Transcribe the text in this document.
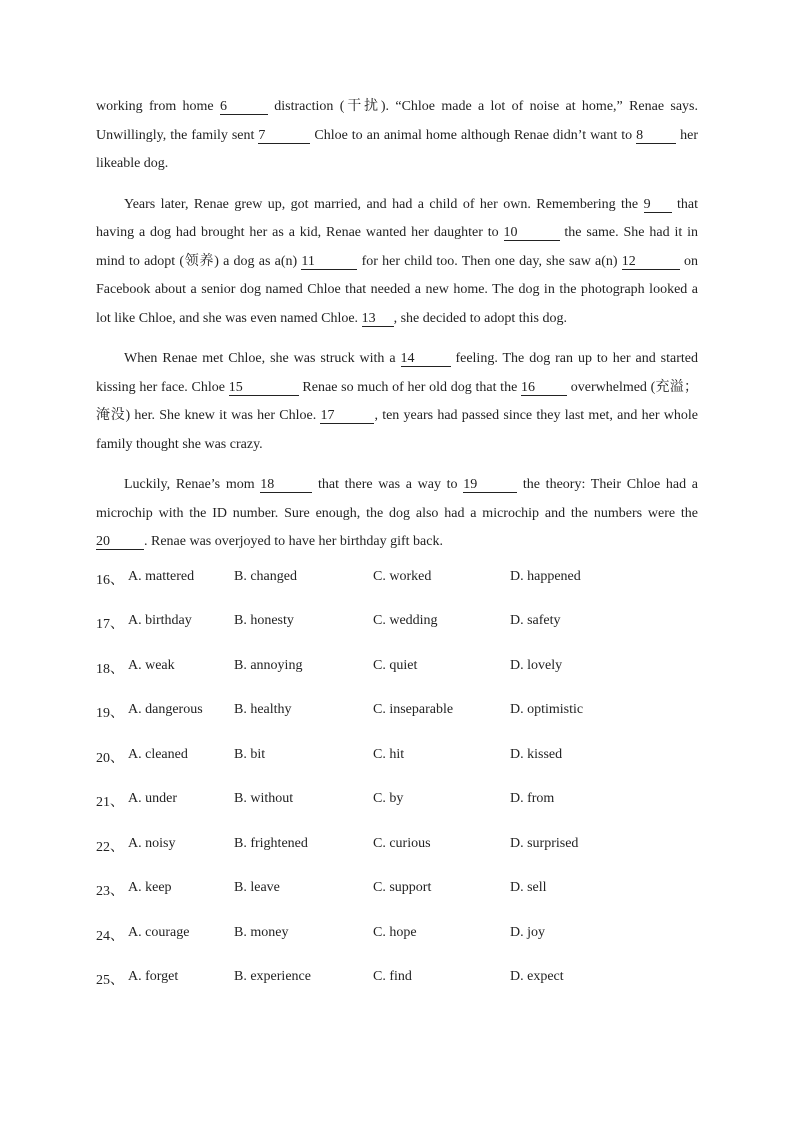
working from home 6	distraction (干扰). “Chloe made a lot of noise at home,” Renae says. Unwillingly, the family sent 7	Chloe to an animal home although Renae didn’t want to 8 her likeable dog.

Years later, Renae grew up, got married, and had a child of her own. Remembering the 9 that having a dog had brought her as a kid, Renae wanted her daughter to 10	the same. She had it in mind to adopt (领养) a dog as a(n) 11	for her child too. Then one day, she saw a(n) 12	on Facebook about a senior dog named Chloe that needed a new home. The dog in the photograph looked a lot like Chloe, and she was even named Chloe. 13 , she decided to adopt this dog.

When Renae met Chloe, she was struck with a 14	feeling. The dog ran up to her and started kissing her face. Chloe 15	Renae so much of her old dog that the 16 overwhelmed (充溢；淹没) her. She knew it was her Chloe. 17	, ten years had passed since they last met, and her whole family thought she was crazy.

Luckily, Renae’s mom 18	that there was a way to 19	the theory: Their Chloe had a microchip with the ID number. Sure enough, the dog also had a microchip and the numbers were the 20 . Renae was overjoyed to have her birthday gift back.

16、 A. mattered	B. changed	C. worked	D. happened
17、 A. birthday	B. honesty	C. wedding	D. safety
18、 A. weak	B. annoying	C. quiet	D. lovely
19、 A. dangerous	B. healthy	C. inseparable	D. optimistic
20、 A. cleaned	B. bit	C. hit	D. kissed
21、 A. under	B. without	C. by	D. from
22、 A. noisy	B. frightened	C. curious	D. surprised
23、 A. keep	B. leave	C. support	D. sell
24、 A. courage	B. money	C. hope	D. joy
25、 A. forget	B. experience	C. find	D. expect
